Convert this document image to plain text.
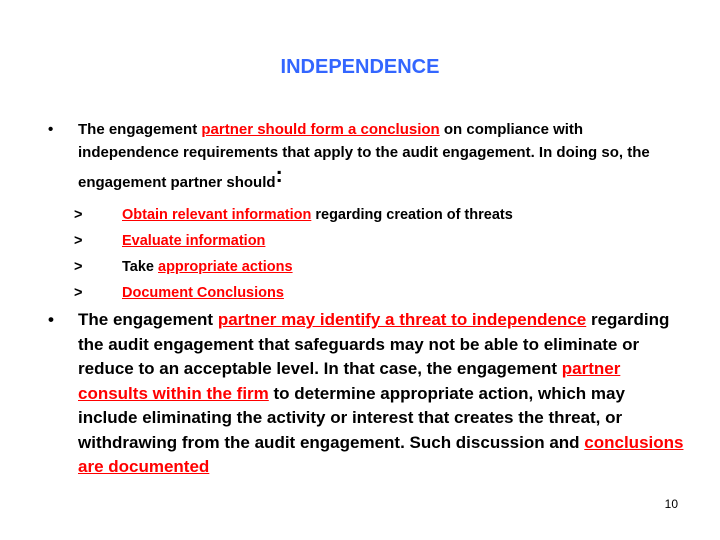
INDEPENDENCE
• The engagement partner should form a conclusion on compliance with independence requirements that apply to the audit engagement. In doing so, the engagement partner should:
>	Obtain relevant information regarding creation of threats
>	Evaluate information
>	Take appropriate actions
>	Document Conclusions
• The engagement partner may identify a threat to independence regarding the audit engagement that safeguards may not be able to eliminate or reduce to an acceptable level. In that case, the engagement partner consults within the firm to determine appropriate action, which may include eliminating the activity or interest that creates the threat, or withdrawing from the audit engagement. Such discussion and conclusions are documented

10
